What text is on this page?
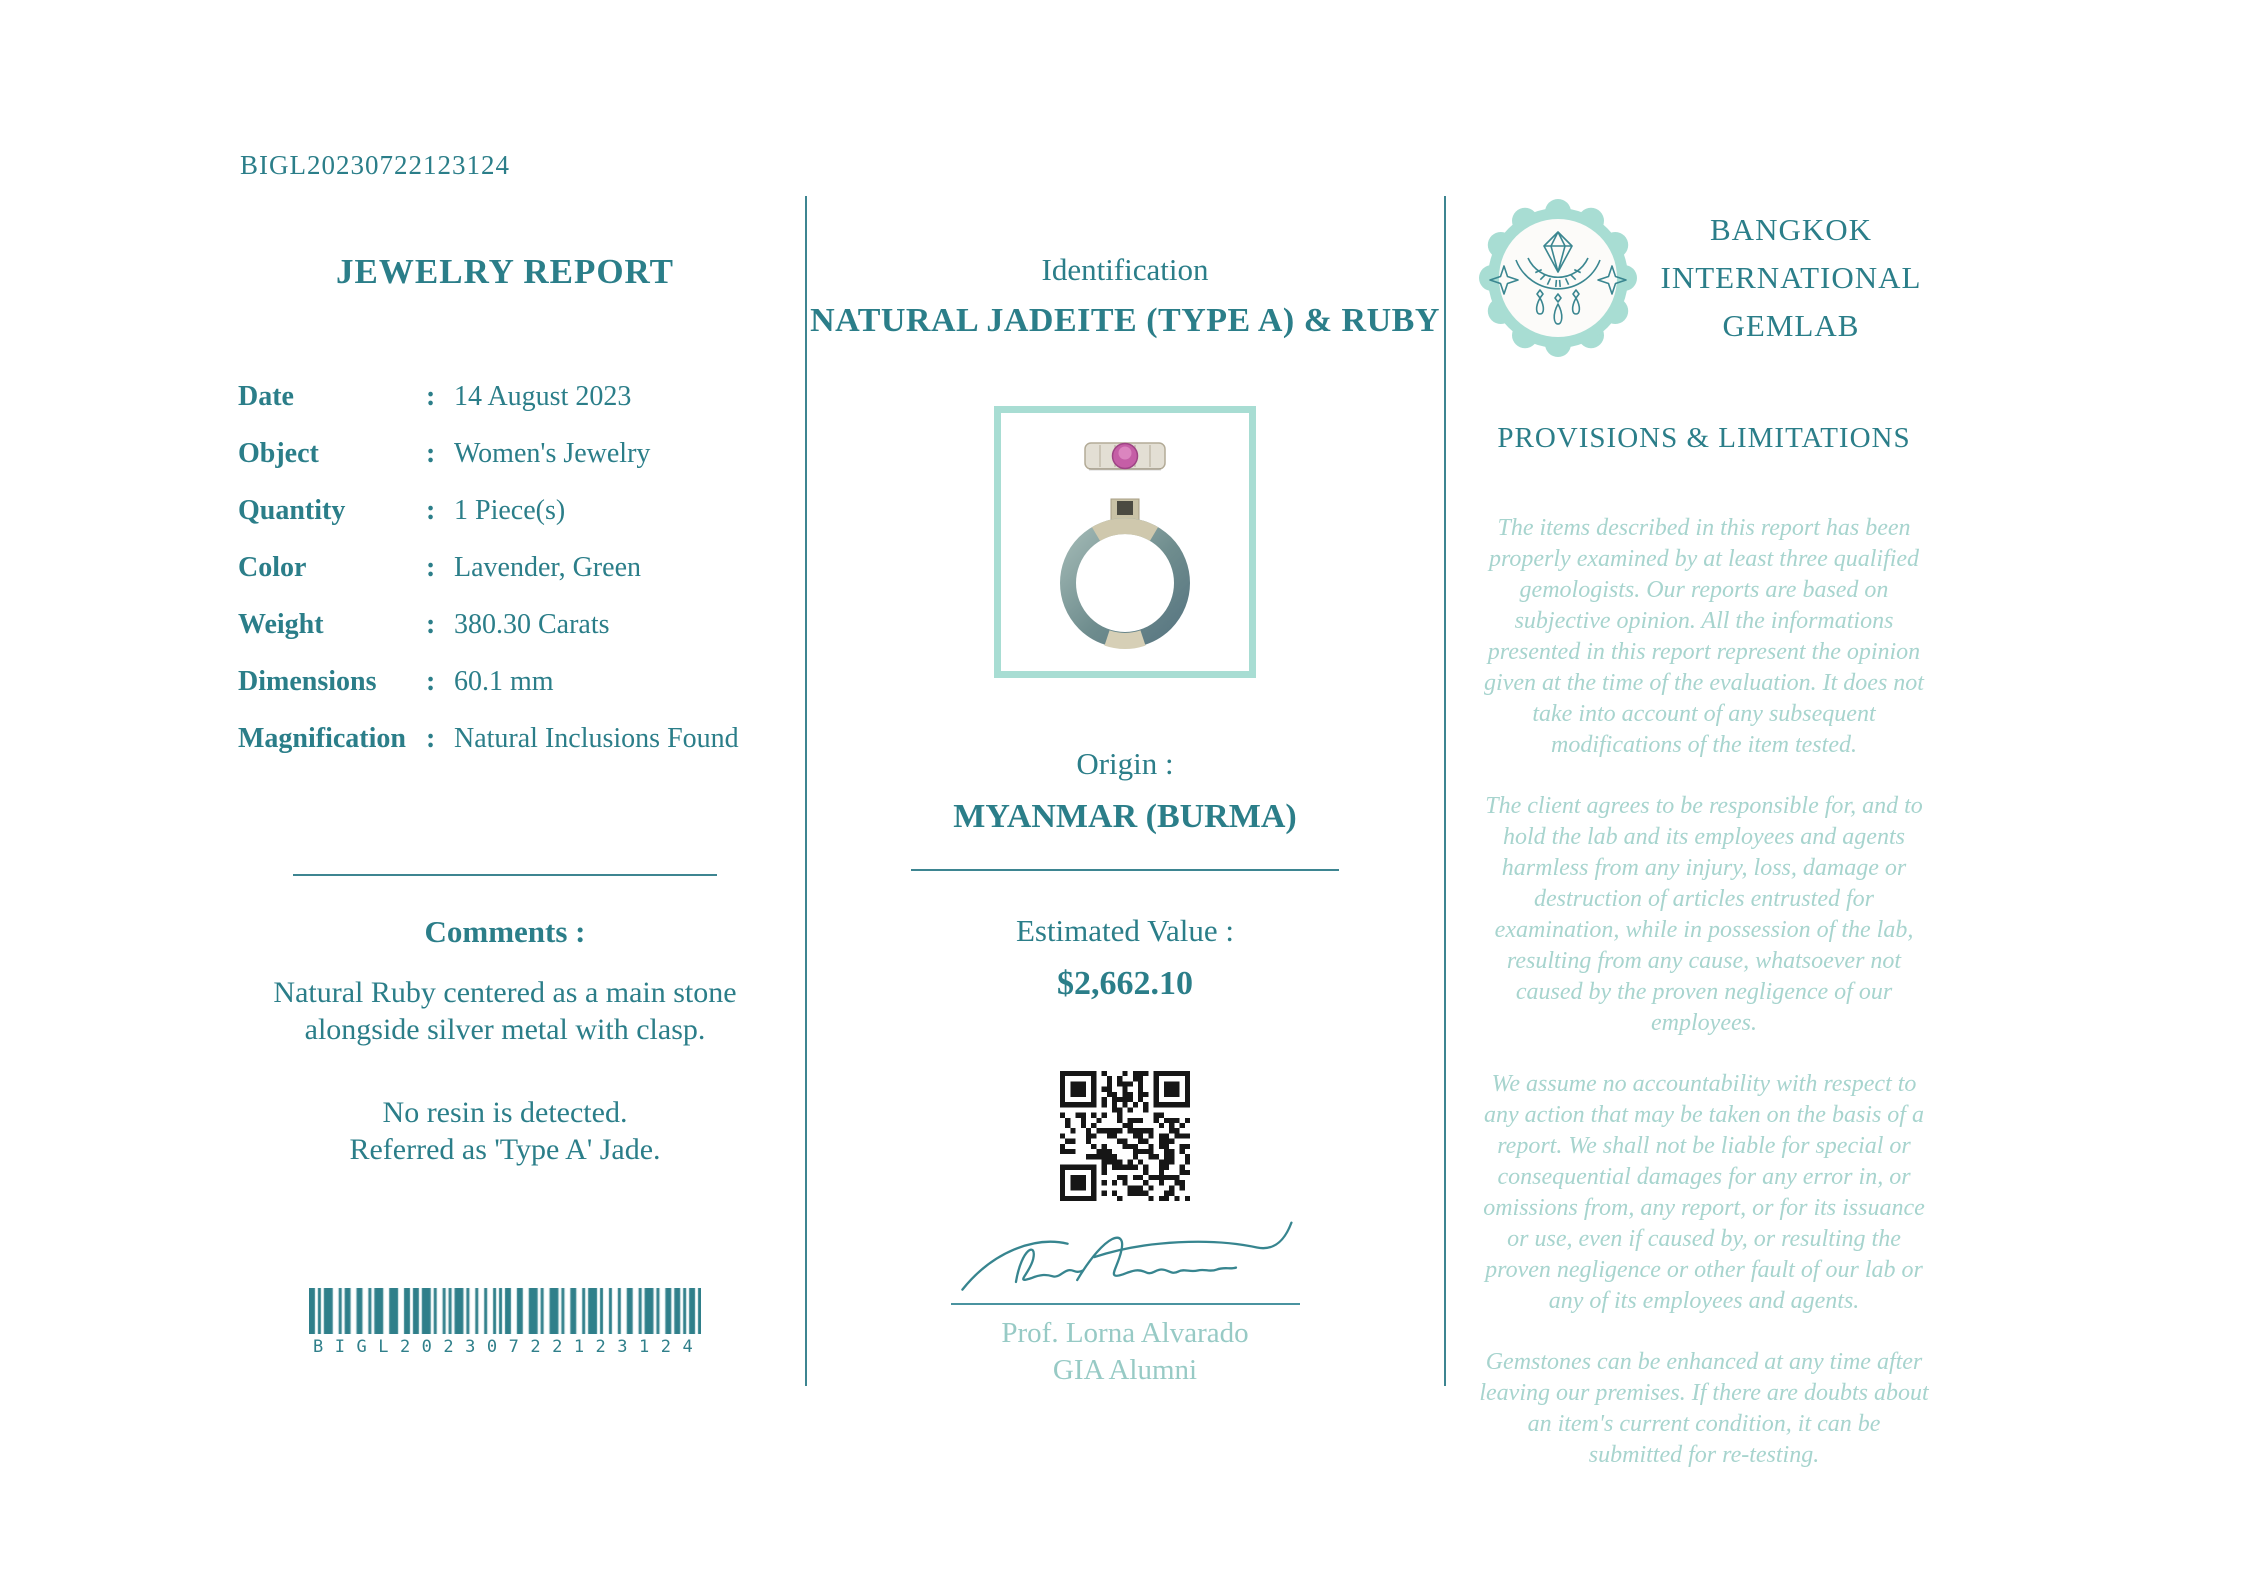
BIGL20230722123124
JEWELRY REPORT
Date	: 14 August 2023
Object	: Women's Jewelry
Quantity	: 1 Piece(s)
Color	: Lavender, Green
Weight	: 380.30 Carats
Dimensions	: 60.1 mm
Magnification : Natural Inclusions Found
Comments :

Natural Ruby centered as a main stone alongside silver metal with clasp.

No resin is detected.
Referred as 'Type A' Jade.

BIGL20230722123124
Identification
NATURAL JADEITE (TYPE A) & RUBY
Origin :
MYANMAR (BURMA)
Estimated Value :
$2,662.10
Prof. Lorna Alvarado
GIA Alumni
BANGKOK
INTERNATIONAL
GEMLAB
PROVISIONS & LIMITATIONS

The items described in this report has been properly examined by at least three qualified gemologists. Our reports are based on subjective opinion. All the informations presented in this report represent the opinion given at the time of the evaluation. It does not take into account of any subsequent modifications of the item tested.

The client agrees to be responsible for, and to hold the lab and its employees and agents harmless from any injury, loss, damage or destruction of articles entrusted for examination, while in possession of the lab, resulting from any cause, whatsoever not caused by the proven negligence of our employees.

We assume no accountability with respect to any action that may be taken on the basis of a report. We shall not be liable for special or consequential damages for any error in, or omissions from, any report, or for its issuance or use, even if caused by, or resulting the proven negligence or other fault of our lab or any of its employees and agents.

Gemstones can be enhanced at any time after leaving our premises. If there are doubts about an item's current condition, it can be submitted for re-testing.
